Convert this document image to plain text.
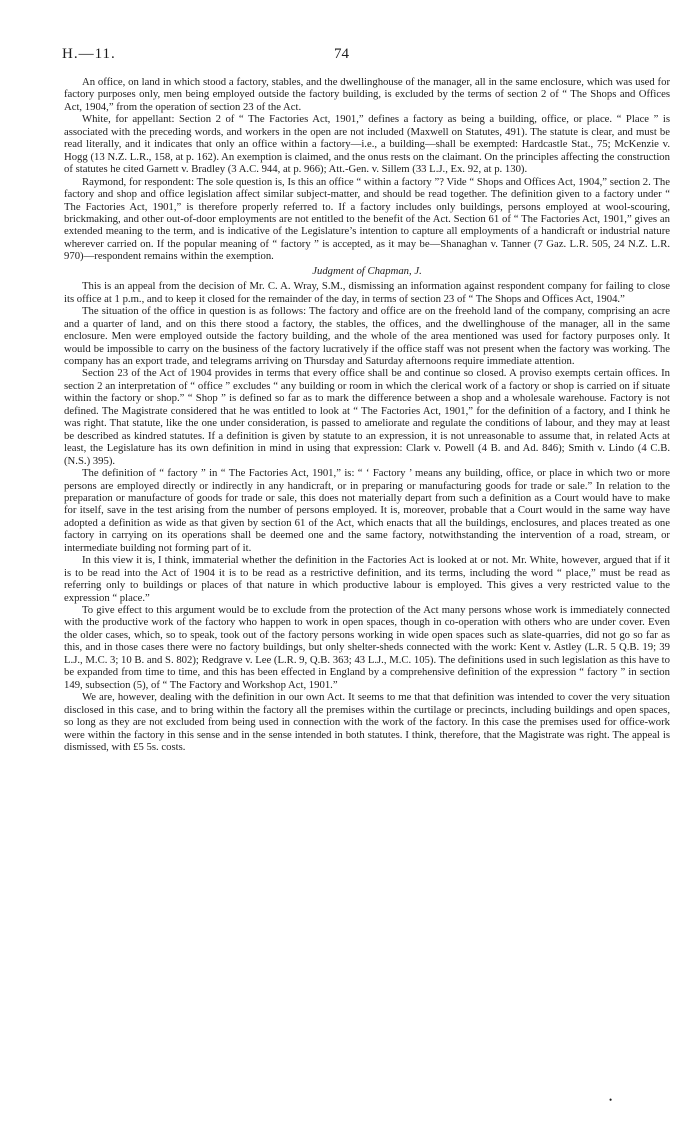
H.—11.	74

An office, on land in which stood a factory, stables, and the dwellinghouse of the manager, all in the same enclosure, which was used for factory purposes only, men being employed outside the factory building, is excluded by the terms of section 2 of “ The Shops and Offices Act, 1904,” from the operation of section 23 of the Act.

White, for appellant: Section 2 of “ The Factories Act, 1901,” defines a factory as being a building, office, or place. “ Place ” is associated with the preceding words, and workers in the open are not included (Maxwell on Statutes, 491). The statute is clear, and must be read literally, and it indicates that only an office within a factory—i.e., a building—shall be exempted: Hardcastle Stat., 75; McKenzie v. Hogg (13 N.Z. L.R., 158, at p. 162). An exemption is claimed, and the onus rests on the claimant. On the principles affecting the construction of statutes he cited Garnett v. Bradley (3 A.C. 944, at p. 966); Att.-Gen. v. Sillem (33 L.J., Ex. 92, at p. 130).

Raymond, for respondent: The sole question is, Is this an office “ within a factory ”? Vide “ Shops and Offices Act, 1904,” section 2. The factory and shop and office legislation affect similar subject-matter, and should be read together. The definition given to a factory under “ The Factories Act, 1901,” is therefore properly referred to. If a factory includes only buildings, persons employed at wool-scouring, brickmaking, and other out-of-door employments are not entitled to the benefit of the Act. Section 61 of “ The Factories Act, 1901,” gives an extended meaning to the term, and is indicative of the Legislature’s intention to capture all employments of a handicraft or industrial nature wherever carried on. If the popular meaning of “ factory ” is accepted, as it may be—Shanaghan v. Tanner (7 Gaz. L.R. 505, 24 N.Z. L.R. 970)—respondent remains within the exemption.

Judgment of Chapman, J.

This is an appeal from the decision of Mr. C. A. Wray, S.M., dismissing an information against respondent company for failing to close its office at 1 p.m., and to keep it closed for the remainder of the day, in terms of section 23 of “ The Shops and Offices Act, 1904.”

The situation of the office in question is as follows: The factory and office are on the freehold land of the company, comprising an acre and a quarter of land, and on this there stood a factory, the stables, the offices, and the dwellinghouse of the manager, all in the same enclosure. Men were employed outside the factory building, and the whole of the area mentioned was used for factory purposes only. It would be impossible to carry on the business of the factory lucratively if the office staff was not present when the factory was working. The company has an export trade, and telegrams arriving on Thursday and Saturday afternoons require immediate attention.

Section 23 of the Act of 1904 provides in terms that every office shall be and continue so closed. A proviso exempts certain offices. In section 2 an interpretation of “ office ” excludes “ any building or room in which the clerical work of a factory or shop is carried on if situate within the factory or shop.” “ Shop ” is defined so far as to mark the difference between a shop and a wholesale warehouse. Factory is not defined. The Magistrate considered that he was entitled to look at “ The Factories Act, 1901,” for the definition of a factory, and I think he was right. That statute, like the one under consideration, is passed to ameliorate and regulate the conditions of labour, and they may at least be described as kindred statutes. If a definition is given by statute to an expression, it is not unreasonable to assume that, in related Acts at least, the Legislature has its own definition in mind in using that expression: Clark v. Powell (4 B. and Ad. 846); Smith v. Lindo (4 C.B. (N.S.) 395).

The definition of “ factory ” in “ The Factories Act, 1901,” is: “ ‘ Factory ’ means any building, office, or place in which two or more persons are employed directly or indirectly in any handicraft, or in preparing or manufacturing goods for trade or sale.” In relation to the preparation or manufacture of goods for trade or sale, this does not materially depart from such a definition as a Court would have to make for itself, save in the test arising from the number of persons employed. It is, moreover, probable that a Court would in the same way have adopted a definition as wide as that given by section 61 of the Act, which enacts that all the buildings, enclosures, and places treated as one factory in carrying on its operations shall be deemed one and the same factory, notwithstanding the intervention of a road, stream, or intermediate building not forming part of it.

In this view it is, I think, immaterial whether the definition in the Factories Act is looked at or not. Mr. White, however, argued that if it is to be read into the Act of 1904 it is to be read as a restrictive definition, and its terms, including the word “ place,” must be read as referring only to buildings or places of that nature in which productive labour is employed. This gives a very restricted value to the expression “ place.”

To give effect to this argument would be to exclude from the protection of the Act many persons whose work is immediately connected with the productive work of the factory who happen to work in open spaces, though in co-operation with others who are under cover. Even the older cases, which, so to speak, took out of the factory persons working in wide open spaces such as slate-quarries, did not go so far as this, and in those cases there were no factory buildings, but only shelter-sheds connected with the work: Kent v. Astley (L.R. 5 Q.B. 19; 39 L.J., M.C. 3; 10 B. and S. 802); Redgrave v. Lee (L.R. 9, Q.B. 363; 43 L.J., M.C. 105). The definitions used in such legislation as this have to be expanded from time to time, and this has been effected in England by a comprehensive definition of the expression “ factory ” in section 149, subsection (5), of “ The Factory and Workshop Act, 1901.”

We are, however, dealing with the definition in our own Act. It seems to me that that definition was intended to cover the very situation disclosed in this case, and to bring within the factory all the premises within the curtilage or precincts, including buildings and open spaces, so long as they are not excluded from being used in connection with the work of the factory. In this case the premises used for office-work were within the factory in this sense and in the sense intended in both statutes. I think, therefore, that the Magistrate was right. The appeal is dismissed, with £5 5s. costs.

•
